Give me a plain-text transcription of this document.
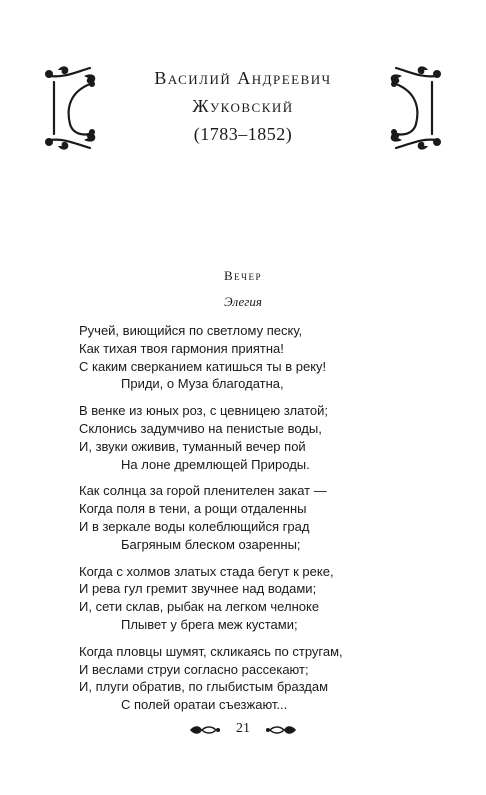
Василий Андреевич
Жуковский
(1783–1852)
Вечер
Элегия
Ручей, виющийся по светлому песку,
Как тихая твоя гармония приятна!
С каким сверканием катишься ты в реку!
Приди, о Муза благодатна,
В венке из юных роз, с цевницею златой;
Склонись задумчиво на пенистые воды,
И, звуки оживив, туманный вечер пой
На лоне дремлющей Природы.
Как солнца за горой пленителен закат —
Когда поля в тени, а рощи отдаленны
И в зеркале воды колеблющийся град
Багряным блеском озаренны;
Когда с холмов златых стада бегут к реке,
И рева гул гремит звучнее над водами;
И, сети склав, рыбак на легком челноке
Плывет у брега меж кустами;
Когда пловцы шумят, скликаясь по стругам,
И веслами струи согласно рассекают;
И, плуги обратив, по глыбистым браздам
С полей оратаи съезжают...
21
